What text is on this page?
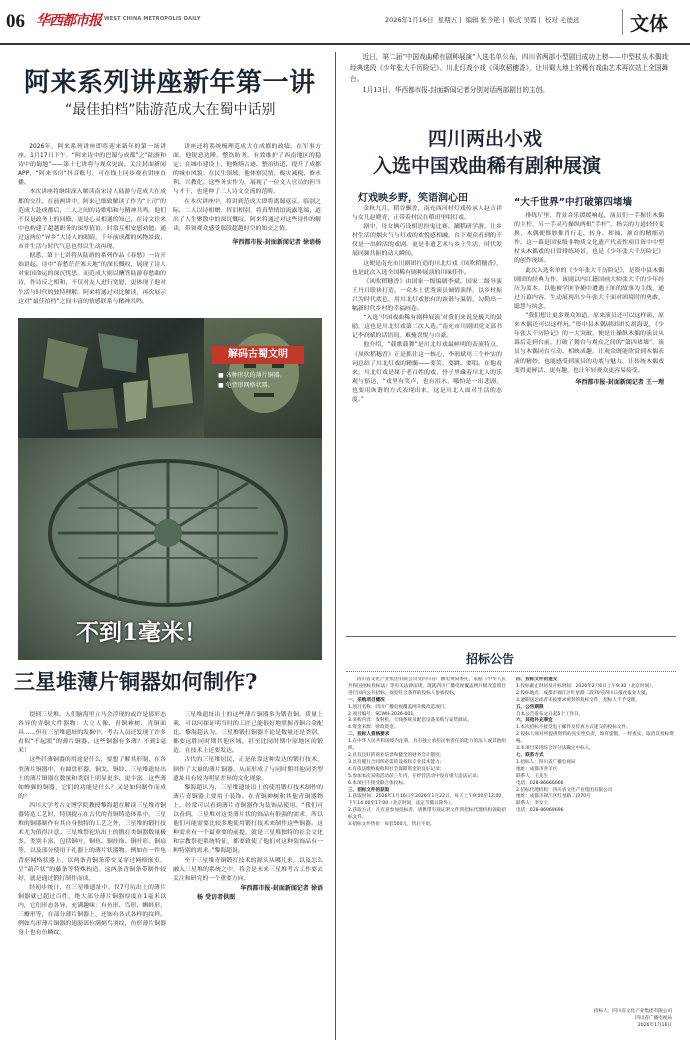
06 华西都市报 WEST CHINA METROPOLIS DAILY	2026年1月16日 星期五 |  编辑 张今艳 |  版式 吴霞 |  校对 毛德远	文体
阿来系列讲座新年第一讲
“最佳拍档”陆游范成大在蜀中话别

2026年，阿来系列讲座即将迎来新年的第一场讲座。1月17日下午，“阿来诗中的巴蜀与成都”之“陆游和诗中的蜀地”——第十七讲将与观众见面。关注封面新闻APP、“阿来书房”抖音账号，可在线上同步观看讲座直播。

本次讲座将继续深入解读南宋诗人陆游与范成大在成都的交往。在前两讲中，阿来已细致解读了作为“上司”的范成大赴成都后，二人之间的诗歌唱和与精神共鸣。他们不仅是政务上的同僚，更是心灵相通的知己，在诗文往来中也构建了超越职务的深厚情谊，时常互相安慰劝勉。通过这两位“异乡”大诗人的眼睛，千年前成都的风物景致、市井生活与时代气息也得以生动再现。

据悉，第十七讲将从陆游的系列作品《春愁》一诗开始讲起。诗中“春愁茫茫塞天地”的深长慨叹，展现了诗人对家国命运的深沉忧思。而范成大则以酬答陆游春愁曲的诗，作诗反之相和，不仅对友人进行宽慰，更体现了他对生活与时代的独特理解。阿来将通过对比解读，再次展示这对“最佳拍档”之间丰富的情感联系与精神共鸣。

讲座还将系统梳理范成大在成都的政绩。在军事方面，他锐意边陲、整饬防务，有效维护了西南地区的稳定；在城市建设上，他修缮古迹、整治街道，提升了成都的城市风貌；在民生领域，他体察民情、赈灾减税、修水利、兴教化。这些务实作为，展现了一位文人官员的担当与才干，也延伸了二人诗文交流的范畴。

在本次讲座中，将讲到范成大即将离蜀返京。临别之际，二人以诗相赠，挥泪相别，将真挚情谊流露笔端，道出了人生聚散中的深沉慨叹。阿来将通过对这些诗作的解读，带领观众感受那段超越时空的知交之情。

华西都市报-封面新闻记者 徐语杨
解码古蜀文明
■ 各种形状的薄片铜器。
■ 龟背形网格状器。
不到1毫米！
三星堆薄片铜器如何制作?

提到三星堆，人们脑海里立马会浮现的或许是那形态各异的青铜大件器物：大立人像、青铜神树、青铜面具……但在三星堆遗址的发掘中，考古人员还发现了许多看似“不起眼”的薄片铜器，这些铜器有多薄？不到1毫米！

这些纤薄铜器的用途是什么，要想了解其形制，在各类薄片铜器中，有圆盘形器、铜戈、铜铃、三星堆遗址出土的薄片铜器在数量和类别上明显更多、更丰富。这些薄如蝉翼的铜器，它们的功能是什么？又是如何制作而成的？

四川大学考古文博学院教授黎海超在解读三星堆青铜器铸造工艺时，特别提示在古代的青铜铸造体系中，三星堆的铜器制作有其自身独特的工艺之外，三星堆的锻打技术尤为值得注意。三星堆祭祀坑出土的锻打类铜器数量极多，类别丰富，包括铜叶、铜鱼、铜挂饰、铜叶形、铜扇等，以及部分使用于礼器上的薄片状器物。例如在一件龟背形网格状器上，以两条青铜条带交叉穿过网格嵌室，呈“葫芦状”的藤条等特殊构造。这两条青铜条带制作较好，就是通过锻打制作而成。

经初步统计，在三星堆遗址中，仅7号坑出土的薄片铜器就已超过百件，绝大部分薄片铜器厚度在1毫米以内，它们形态各异，充满趣味：有鱼形、鸟形、蝌蚪形、三瓣形等，在部分薄片铜器上，还饰有各式各样的纹样。例如鸟形薄片铜器的翅膀部位满刻鸟羽纹，鱼形薄片铜器身上也有鱼鳞纹。

三星堆遗址出土的这些薄片铜器多为锻青铜，质量上乘，可以问探证明当时的工匠已能很好地掌握青铜合金配比。黎海超认为，三星堆锻打铜器不论是数量还是类别，都要远胜同时期其他区域，甚至比同时期中原地区的锻造，在技术上还要发达。

古代的三星堆居民，正是依靠这种发达的锻打技术，制作了大量的薄片铜器，从而形成了与同时期其他同类型遗址具有较为明显差异的文化现象。

黎海超认为，三星堆遗址出土的使用锻打技术制作的薄片青铜器主要用于装饰。在青铜神树和其他青铜器物上，经常可以看到薄片青铜器作为装饰品使用。“我们可以看到，三星堆对这类薄片状的饰品有很强的需求，所以他们可能需要比较多地使用锻打技术来制作这些铜器。这种需求有一个最重要的前提，就是三星堆独特的社会文化和宗教祭祀系统特征，都要致使了他们对这种装饰品有一种特别的需求。”黎海超说。

至于三星堆青铜锻打技术的源头从哪儿来，以及怎么融入三星堆的系统之中，将会是未来三星堆考古工作要去关注和研究的一个重要方向。

华西都市报-封面新闻记者 徐语
杨 受访者供图

近日，第二届“中国戏曲稀有剧种展演”入选名单公布，四川省两部小型剧目成功上榜——中型杖头木偶戏经典选段《少年张大千历险记》、川北灯戏小戏《凤吹稻穗香》，让川蜀大地上的稀有戏曲艺术再次站上全国舞台。

1月13日，华西都市报-封面新闻记者分别对话两部剧目的主创。

四川两出小戏
入选中国戏曲稀有剧种展演
灯戏映乡野，笑语润心田

金秋九月，稻谷飘香，南充西河村灯戏传承人赵吉祥与女儿赵晓青，正带着村民在稻田里唱灯戏。

剧中，母女俩巧设相思扮鬼比赛、涮稻研学游，让乡村生活的烟火气与灯戏的欢悦感相融，台下观众看到的不仅是一出鲜活的戏剧，更是非遗艺术与乡土生活、时代发展同频共振的动人瞬间。

这便是南充市川剧团打造的川北灯戏《凤吹稻穗香》，也是此次入选全国稀有剧种展演的川味佳作。

《凤吹稻穗香》由国家一级编剧李斌、国家二级导演王丹月联袂打造。一众本土优秀演员倾情演绎，以乡村振兴为时代底色，用川北灯戏独有的诙谐与温情，勾勒出一幅新时代乡村的幸福画卷。

“入选‘中国戏曲稀有剧种展演’对我们来说是极大的鼓励，这也是川北灯戏第二次入选。”南充市川剧团党支部书记李润斌的话语间，难掩喜悦与自豪。

他介绍，“载歌载舞”是川北灯戏最鲜明的表演特点，《凤吹稻穗香》正是抓住这一核心，李润斌用三个朴实的词总结了川北灯戏的精髓——要笑、要跳、要唱。在他看来，川北灯戏是属于老百姓的戏，骨子里藏着川北人的乐观与豁达，“戏里有笑声，也有泪水，哪怕是一出悲剧，也要用诙谐的方式表现出来，这是川北人面对生活的态度。”

“大千世界”中打破第四堵墙

排练厅里，背景音乐缓缓响起，演员们一手握住木偶的主杆，另一手灵巧操纵两根“手杆”，指尖的力道轻轻变换，木偶便惟妙惟肖行走、转身、挥袖、颔首的精细动作。这一幕是国家级非物质文化遗产代表性项目资中中型杖头木偶戏的日常排练场景，也是《少年张大千历险记》的创作现场。

此次入选名单的《少年张大千历险记》，是资中县木偶剧团的经典力作，该剧以内江籍国画大师张大千的少年经历为蓝本，以他被学匪争捕中遭遇土匪的故事为主线，通过五幕内容，生动展现出少年张大千面对困境时的勇敢、聪慧与执念。

“我们想让更多观众知道，原来演员还可以这样演，原来木偶还可以这样玩。”资中县木偶剧团团长胡海说，《少年张大千历险记》的一大突破，便是让操纵木偶的演员从幕后走到台前，打破了舞台与观众之间的“第四堵墙”，演员与木偶同台互动、相映成趣，让观众既能欣赏到木偶表演的精妙，也能感受到演员的功底与魅力，让传统木偶戏变得更鲜活、更有趣，也让年轻观众更容易接受。

华西都市报-封面新闻记者 王一理
招标公告

四川省文化产业集团有限公司受四川省广播电视局委托，依据《中华人民共和国招标投标法》等有关法律法规，现就四川广播电视覆盖网升级改造项目进行国内公开招标，欢迎符合条件的投标人参加投标。

一、采购项目概况

1.项目名称：四川广播电视覆盖网升级改造项目。

2.项目编号：SCWH-2026-001。

3.采购内容：发射机、天线系统及配套设备采购与安装调试。

4.资金来源：财政资金。

二、投标人资格要求

1.在中华人民共和国境内注册，具有独立承担民事责任的能力的法人或其他组织；

2.具有良好的商业信誉和健全的财务会计制度；

3.具有履行合同所必需的设备和专业技术能力；

4.有依法缴纳税收和社会保障资金的良好记录；

5.参加本次采购活动前三年内，在经营活动中没有重大违法记录；

6.本项目不接受联合体投标。

三、招标文件的获取

1.获取时间：2026年1月16日至2026年1月22日，每天上午9:00至12:00，下午14:00至17:00（北京时间，法定节假日除外）。

2.获取方式：凡有意参加投标者，请携带有效证明文件到招标代理机构领取招标文件。

3.招标文件售价：每套500元，售后不退。

四、投标文件的递交

1.投标截止时间及开标时间：2026年2月6日上午9:30（北京时间）。

2.投标地点：成都市锦江区红星路二段70号四川日报社报业大厦。

3.逾期送达或者未按要求密封的投标文件，招标人不予受理。

五、公告期限

自本公告发布之日起5个工作日。

六、其他补充事宜

1.本次招标不接受电子邮件及传真方式递交的投标文件。

2.投标人须对所提供资料的真实性负责，如有虚假，一经查实，取消其投标资格。

3.本项目采用综合评分法确定中标人。

七、联系方式

1.招标人：四川省广播电视局

地址：成都市青羊区

联系人：王先生

电话：028-86666666

2.招标代理机构：四川省文化产业集团有限公司

地址：成都市锦江区红星路二段70号

联系人：李女士

电话：028-86969696

招标人：四川省文化产业集团有限公司
四川省广播电视局
2026年1月16日
